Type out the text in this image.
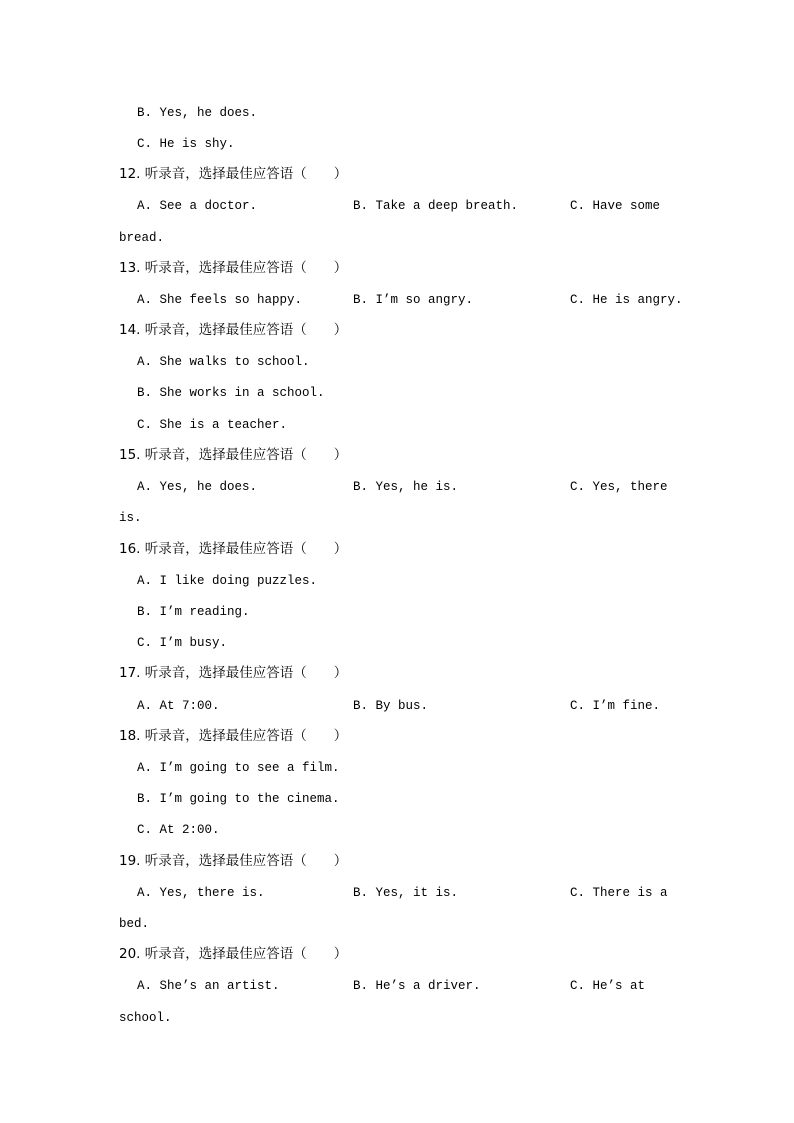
B. Yes, he does.
C. He is shy.
12. 听录音，选择最佳应答语（　　）
A. See a doctor.	B. Take a deep breath.	C. Have some
bread.
13. 听录音，选择最佳应答语（　　）
A. She feels so happy.	B. I’m so angry.	C. He is angry.
14. 听录音，选择最佳应答语（　　）
A. She walks to school.
B. She works in a school.
C. She is a teacher.
15. 听录音，选择最佳应答语（　　）
A. Yes, he does.	B. Yes, he is.	C. Yes, there
is.
16. 听录音，选择最佳应答语（　　）
A. I like doing puzzles.
B. I’m reading.
C. I’m busy.
17. 听录音，选择最佳应答语（　　）
A. At 7:00.	B. By bus.	C. I’m fine.
18. 听录音，选择最佳应答语（　　）
A. I’m going to see a film.
B. I’m going to the cinema.
C. At 2:00.
19. 听录音，选择最佳应答语（　　）
A. Yes, there is.	B. Yes, it is.	C. There is a
bed.
20. 听录音，选择最佳应答语（　　）
A. She’s an artist.	B. He’s a driver.	C. He’s at
school.
